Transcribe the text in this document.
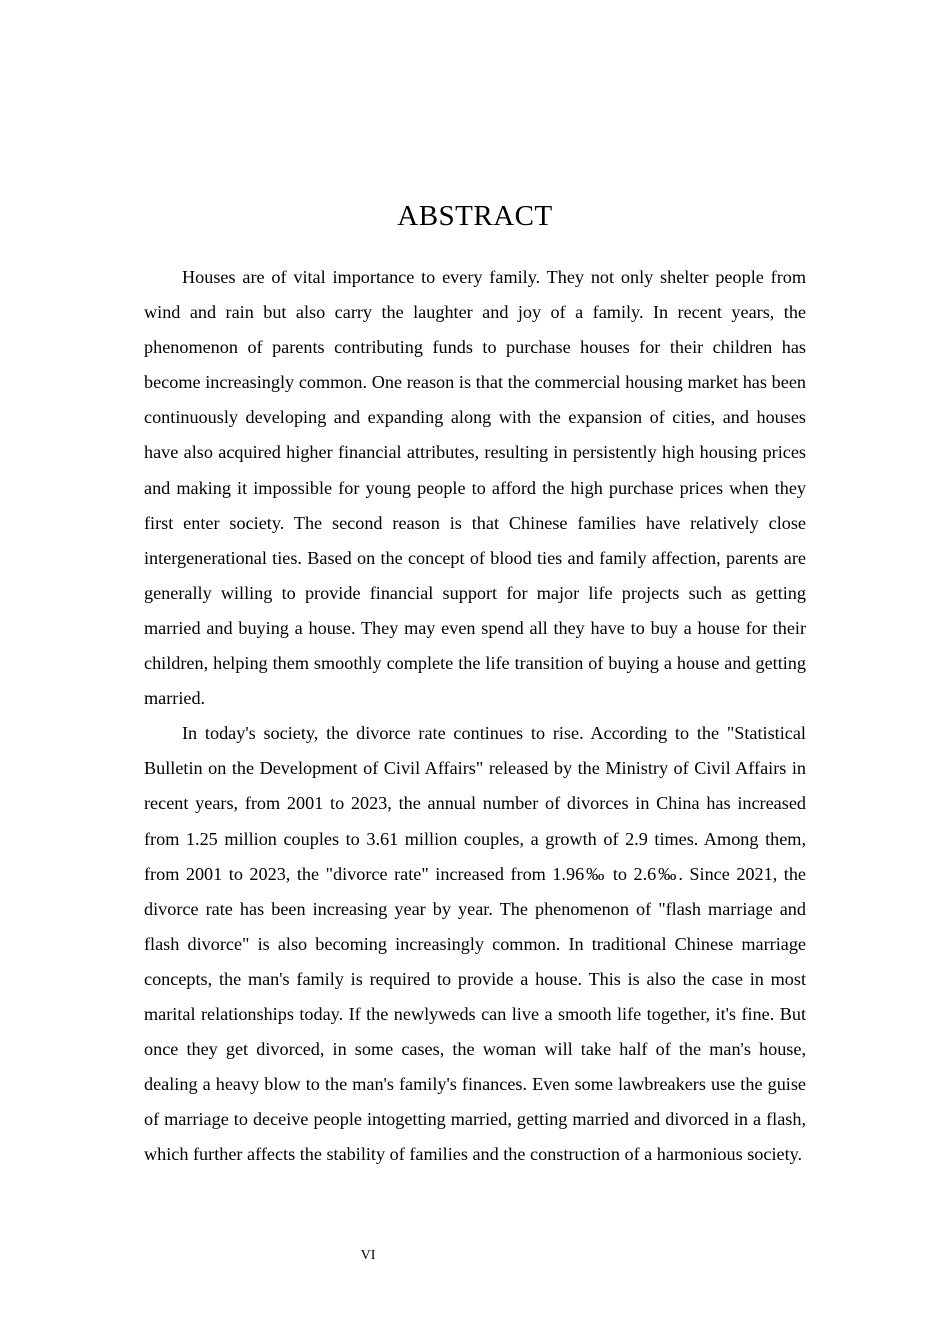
ABSTRACT

Houses are of vital importance to every family. They not only shelter people from wind and rain but also carry the laughter and joy of a family. In recent years, the phenomenon of parents contributing funds to purchase houses for their children has become increasingly common. One reason is that the commercial housing market has been continuously developing and expanding along with the expansion of cities, and houses have also acquired higher financial attributes, resulting in persistently high housing prices and making it impossible for young people to afford the high purchase prices when they first enter society. The second reason is that Chinese families have relatively close intergenerational ties. Based on the concept of blood ties and family affection, parents are generally willing to provide financial support for major life projects such as getting married and buying a house. They may even spend all they have to buy a house for their children, helping them smoothly complete the life transition of buying a house and getting married.

In today's society, the divorce rate continues to rise. According to the "Statistical Bulletin on the Development of Civil Affairs" released by the Ministry of Civil Affairs in recent years, from 2001 to 2023, the annual number of divorces in China has increased from 1.25 million couples to 3.61 million couples, a growth of 2.9 times. Among them, from 2001 to 2023, the "divorce rate" increased from 1.96‰ to 2.6‰. Since 2021, the divorce rate has been increasing year by year. The phenomenon of "flash marriage and flash divorce" is also becoming increasingly common. In traditional Chinese marriage concepts, the man's family is required to provide a house. This is also the case in most marital relationships today. If the newlyweds can live a smooth life together, it's fine. But once they get divorced, in some cases, the woman will take half of the man's house, dealing a heavy blow to the man's family's finances. Even some lawbreakers use the guise of marriage to deceive people intogetting married, getting married and divorced in a flash, which further affects the stability of families and the construction of a harmonious society.

VI
